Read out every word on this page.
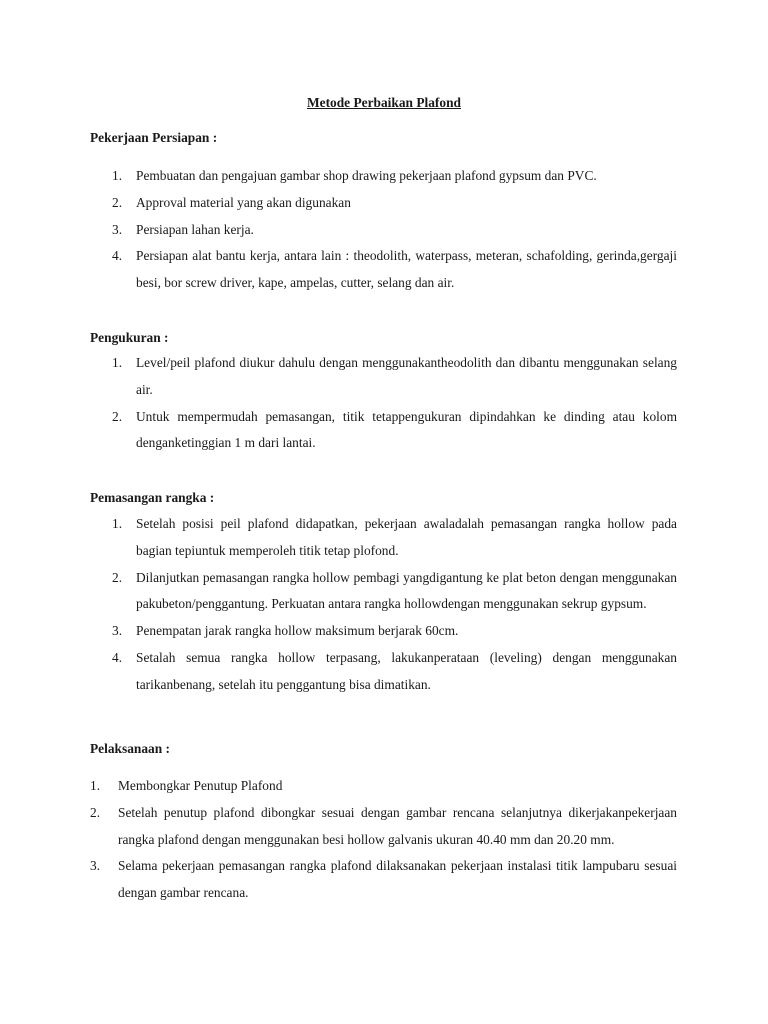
Metode Perbaikan Plafond
Pekerjaan Persiapan :
1. Pembuatan dan pengajuan gambar shop drawing pekerjaan plafond gypsum dan PVC.
2. Approval material yang akan digunakan
3. Persiapan lahan kerja.
4. Persiapan alat bantu kerja, antara lain : theodolith, waterpass, meteran, schafolding, gerinda,gergaji besi, bor screw driver, kape, ampelas, cutter, selang dan air.
Pengukuran :
1. Level/peil plafond diukur dahulu dengan menggunakantheodolith dan dibantu menggunakan selang air.
2. Untuk mempermudah pemasangan, titik tetappengukuran dipindahkan ke dinding atau kolom denganketinggian 1 m dari lantai.
Pemasangan rangka :
1. Setelah posisi peil plafond didapatkan, pekerjaan awaladalah pemasangan rangka hollow pada bagian tepiuntuk memperoleh titik tetap plofond.
2. Dilanjutkan pemasangan rangka hollow pembagi yangdigantung ke plat beton dengan menggunakan pakubeton/penggantung. Perkuatan antara rangka hollowdengan menggunakan sekrup gypsum.
3. Penempatan jarak rangka hollow maksimum berjarak 60cm.
4. Setalah semua rangka hollow terpasang, lakukanperataan (leveling) dengan menggunakan tarikanbenang, setelah itu penggantung bisa dimatikan.
Pelaksanaan :
1. Membongkar Penutup Plafond
2. Setelah penutup plafond dibongkar sesuai dengan gambar rencana selanjutnya dikerjakanpekerjaan rangka plafond dengan menggunakan besi hollow galvanis ukuran 40.40 mm dan 20.20 mm.
3. Selama pekerjaan pemasangan rangka plafond dilaksanakan pekerjaan instalasi titik lampubaru sesuai dengan gambar rencana.
